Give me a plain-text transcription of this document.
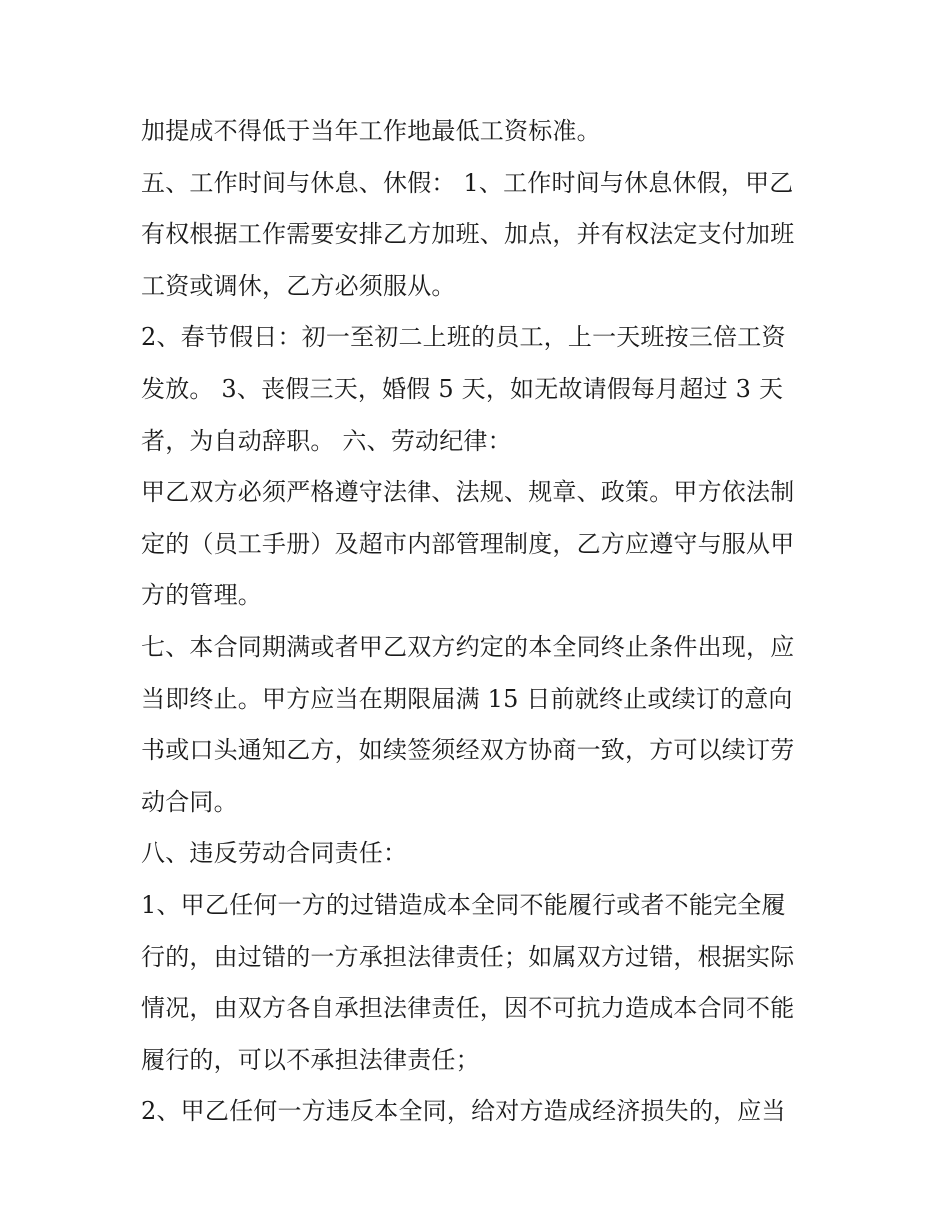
加提成不得低于当年工作地最低工资标准。
五、工作时间与休息、休假： 1、工作时间与休息休假，甲乙
有权根据工作需要安排乙方加班、加点，并有权法定支付加班
工资或调休，乙方必须服从。
2、春节假日：初一至初二上班的员工，上一天班按三倍工资
发放。 3、丧假三天，婚假 5 天，如无故请假每月超过 3 天
者，为自动辞职。 六、劳动纪律：
甲乙双方必须严格遵守法律、法规、规章、政策。甲方依法制
定的（员工手册）及超市内部管理制度，乙方应遵守与服从甲
方的管理。
七、本合同期满或者甲乙双方约定的本全同终止条件出现，应
当即终止。甲方应当在期限届满 15 日前就终止或续订的意向
书或口头通知乙方，如续签须经双方协商一致，方可以续订劳
动合同。
八、违反劳动合同责任：
1、甲乙任何一方的过错造成本全同不能履行或者不能完全履
行的，由过错的一方承担法律责任；如属双方过错，根据实际
情况，由双方各自承担法律责任，因不可抗力造成本合同不能
履行的，可以不承担法律责任；
2、甲乙任何一方违反本全同，给对方造成经济损失的，应当
